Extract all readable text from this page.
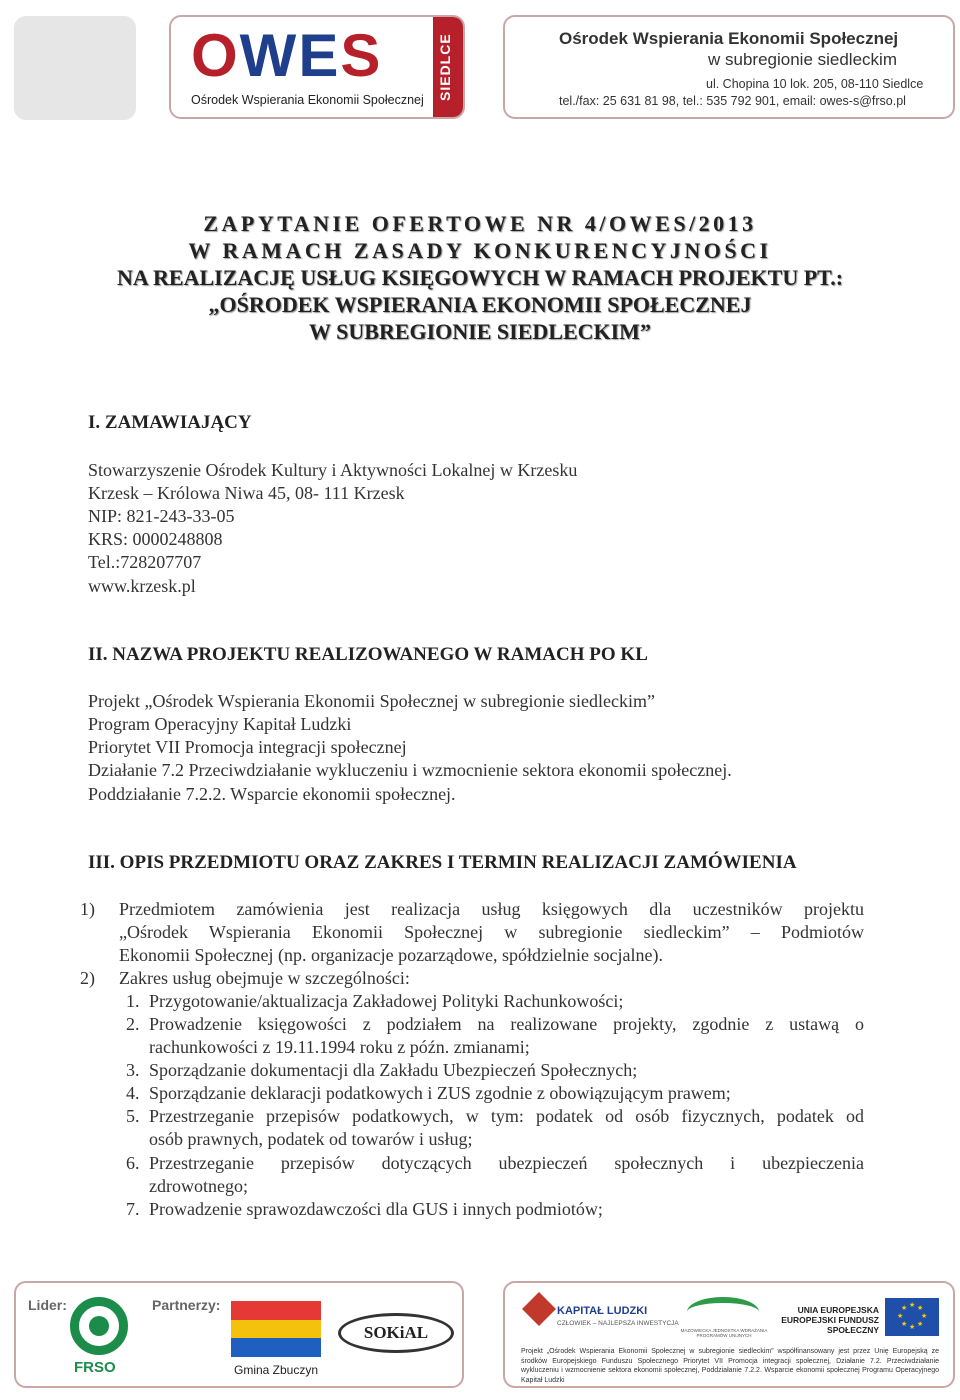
OWES
Ośrodek Wspierania Ekonomii Społecznej SIEDLCE	Ośrodek Wspierania Ekonomii Społecznej
w subregionie siedleckim
ul. Chopina 10 lok. 205, 08-110 Siedlce
tel./fax: 25 631 81 98, tel.: 535 792 901, email: owes-s@frso.pl
ZAPYTANIE OFERTOWE NR 4/OWES/2013
W RAMACH ZASADY KONKURENCYJNOŚCI
NA REALIZACJĘ USŁUG KSIĘGOWYCH W RAMACH PROJEKTU PT.:
„OŚRODEK WSPIERANIA EKONOMII SPOŁECZNEJ
W SUBREGIONIE SIEDLECKIM”
I. ZAMAWIAJĄCY
Stowarzyszenie Ośrodek Kultury i Aktywności Lokalnej w Krzesku
Krzesk – Królowa Niwa 45, 08- 111 Krzesk
NIP: 821-243-33-05
KRS: 0000248808
Tel.:728207707
www.krzesk.pl
II. NAZWA PROJEKTU REALIZOWANEGO W RAMACH PO KL
Projekt „Ośrodek Wspierania Ekonomii Społecznej w subregionie siedleckim”
Program Operacyjny Kapitał Ludzki
Priorytet VII Promocja integracji społecznej
Działanie 7.2 Przeciwdziałanie wykluczeniu i wzmocnienie sektora ekonomii społecznej.
Poddziałanie 7.2.2. Wsparcie ekonomii społecznej.
III. OPIS PRZEDMIOTU ORAZ ZAKRES I TERMIN REALIZACJI ZAMÓWIENIA
1) Przedmiotem zamówienia jest realizacja usług księgowych dla uczestników projektu
„Ośrodek Wspierania Ekonomii Społecznej w subregionie siedleckim” – Podmiotów
Ekonomii Społecznej (np. organizacje pozarządowe, spółdzielnie socjalne).
2) Zakres usług obejmuje w szczególności:
1. Przygotowanie/aktualizacja Zakładowej Polityki Rachunkowości;
2. Prowadzenie księgowości z podziałem na realizowane projekty, zgodnie z ustawą o
rachunkowości z 19.11.1994 roku z późn. zmianami;
3. Sporządzanie dokumentacji dla Zakładu Ubezpieczeń Społecznych;
4. Sporządzanie deklaracji podatkowych i ZUS zgodnie z obowiązującym prawem;
5. Przestrzeganie przepisów podatkowych, w tym: podatek od osób fizycznych, podatek od
osób prawnych, podatek od towarów i usług;
6. Przestrzeganie przepisów dotyczących ubezpieczeń społecznych i ubezpieczenia
zdrowotnego;
7. Prowadzenie sprawozdawczości dla GUS i innych podmiotów;
Lider:
FRSO
Partnerzy:
Gmina Zbuczyn
SOKiAL
KAPITAŁ LUDZKI
CZŁOWIEK – NAJLEPSZA INWESTYCJA
MAZOWIECKA JEDNOSTKA WDRAŻANIA PROGRAMÓW UNIJNYCH
UNIA EUROPEJSKA EUROPEJSKI FUNDUSZ SPOŁECZNY
★ ★
★
★
★
★
★
★
Projekt „Ośrodek Wspierania Ekonomii Społecznej w subregionie siedleckim” współfinansowany jest przez Unię Europejską ze środków Europejskiego Funduszu Społecznego Priorytet VII Promocja integracji społecznej, Działanie 7.2. Przeciwdziałanie wykluczeniu i wzmocnienie sektora ekonomii społecznej, Poddziałanie 7.2.2. Wsparcie ekonomii społecznej Programu Operacyjnego Kapitał Ludzki
